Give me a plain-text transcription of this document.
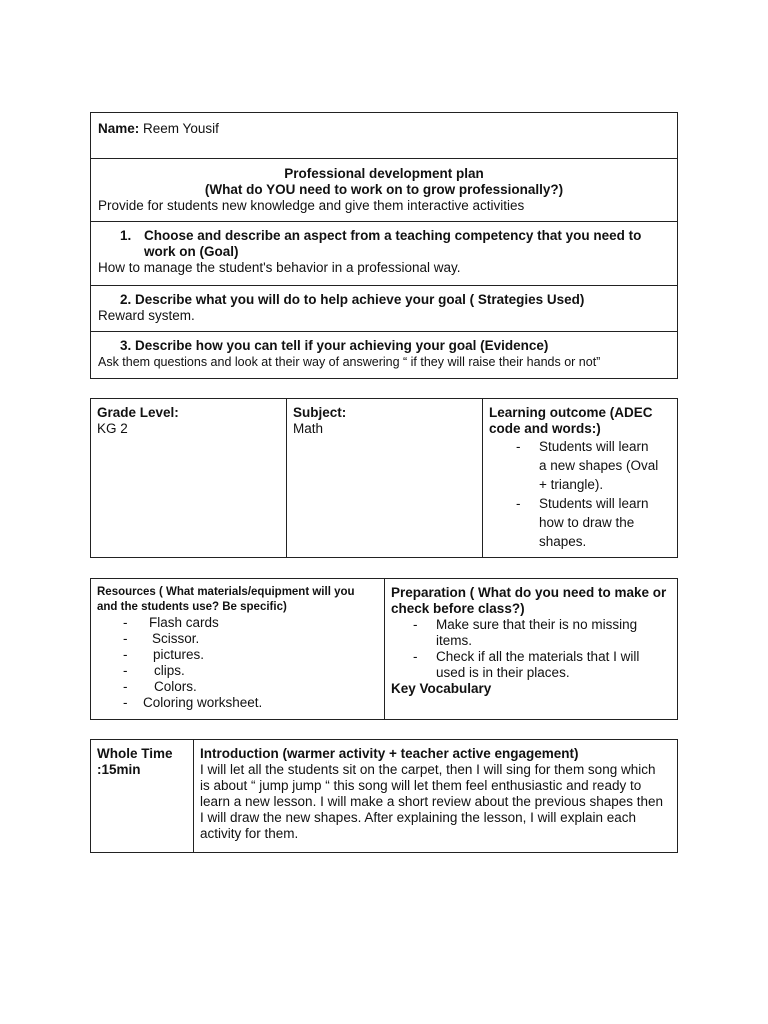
Name: Reem Yousif
Professional development plan
(What do YOU need to work on to grow professionally?)
Provide for students new knowledge and give them interactive activities
1. Choose and describe an aspect from a teaching competency that you need to work on (Goal)
How to manage the student's behavior in a professional way.
2. Describe what you will do to help achieve your goal ( Strategies Used)
Reward system.
3. Describe how you can tell if your achieving your goal (Evidence)
Ask them questions and look at their way of answering “ if they will raise their hands or not”
Grade Level:
KG 2
Subject:
Math
Learning outcome (ADEC code and words:)
- Students will learn a new shapes (Oval + triangle).
- Students will learn how to draw the shapes.
Resources ( What materials/equipment will you and the students use? Be specific)
- Flash cards
- Scissor.
- pictures.
- clips.
- Colors.
- Coloring worksheet.
Preparation ( What do you need to make or check before class?)
- Make sure that their is no missing items.
- Check if all the materials that I will used is in their places.
Key Vocabulary
Whole Time :15min
Introduction (warmer activity + teacher active engagement)
I will let all the students sit on the carpet, then I will sing for them song which is about “ jump jump “ this song will let them feel enthusiastic and ready to learn a new lesson. I will make a short review about the previous shapes then I will draw the new shapes. After explaining the lesson, I will explain each activity for them.
